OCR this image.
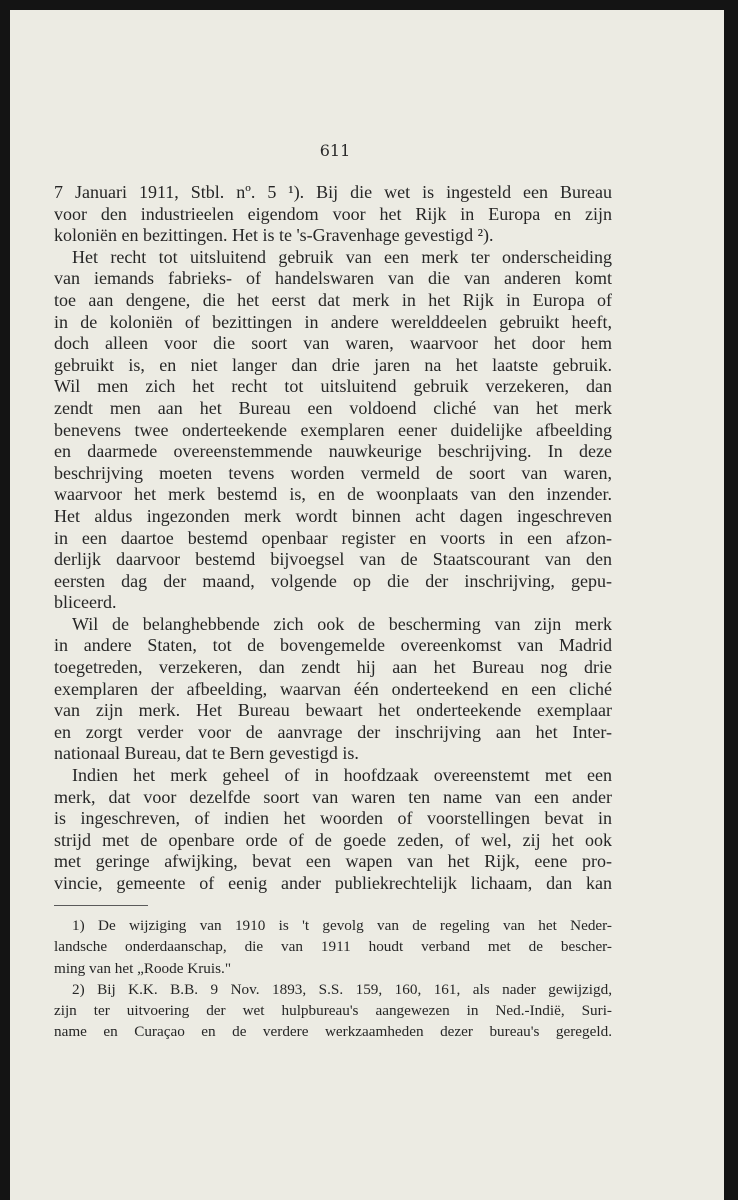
611
7 Januari 1911, Stbl. nº. 5 ¹). Bij die wet is ingesteld een Bureau
voor den industrieelen eigendom voor het Rijk in Europa en zijn
koloniën en bezittingen. Het is te 's-Gravenhage gevestigd ²).
Het recht tot uitsluitend gebruik van een merk ter onderscheiding
van iemands fabrieks- of handelswaren van die van anderen komt
toe aan dengene, die het eerst dat merk in het Rijk in Europa of
in de koloniën of bezittingen in andere werelddeelen gebruikt heeft,
doch alleen voor die soort van waren, waarvoor het door hem
gebruikt is, en niet langer dan drie jaren na het laatste gebruik.
Wil men zich het recht tot uitsluitend gebruik verzekeren, dan
zendt men aan het Bureau een voldoend cliché van het merk
benevens twee onderteekende exemplaren eener duidelijke afbeelding
en daarmede overeenstemmende nauwkeurige beschrijving. In deze
beschrijving moeten tevens worden vermeld de soort van waren,
waarvoor het merk bestemd is, en de woonplaats van den inzender.
Het aldus ingezonden merk wordt binnen acht dagen ingeschreven
in een daartoe bestemd openbaar register en voorts in een afzon-
derlijk daarvoor bestemd bijvoegsel van de Staatscourant van den
eersten dag der maand, volgende op die der inschrijving, gepu-
bliceerd.
Wil de belanghebbende zich ook de bescherming van zijn merk
in andere Staten, tot de bovengemelde overeenkomst van Madrid
toegetreden, verzekeren, dan zendt hij aan het Bureau nog drie
exemplaren der afbeelding, waarvan één onderteekend en een cliché
van zijn merk. Het Bureau bewaart het onderteekende exemplaar
en zorgt verder voor de aanvrage der inschrijving aan het Inter-
nationaal Bureau, dat te Bern gevestigd is.
Indien het merk geheel of in hoofdzaak overeenstemt met een
merk, dat voor dezelfde soort van waren ten name van een ander
is ingeschreven, of indien het woorden of voorstellingen bevat in
strijd met de openbare orde of de goede zeden, of wel, zij het ook
met geringe afwijking, bevat een wapen van het Rijk, eene pro-
vincie, gemeente of eenig ander publiekrechtelijk lichaam, dan kan
1) De wijziging van 1910 is 't gevolg van de regeling van het Neder-
landsche onderdaanschap, die van 1911 houdt verband met de bescher-
ming van het „Roode Kruis."
2) Bij K.K. B.B. 9 Nov. 1893, S.S. 159, 160, 161, als nader gewijzigd,
zijn ter uitvoering der wet hulpbureau's aangewezen in Ned.-Indië, Suri-
name en Curaçao en de verdere werkzaamheden dezer bureau's geregeld.
